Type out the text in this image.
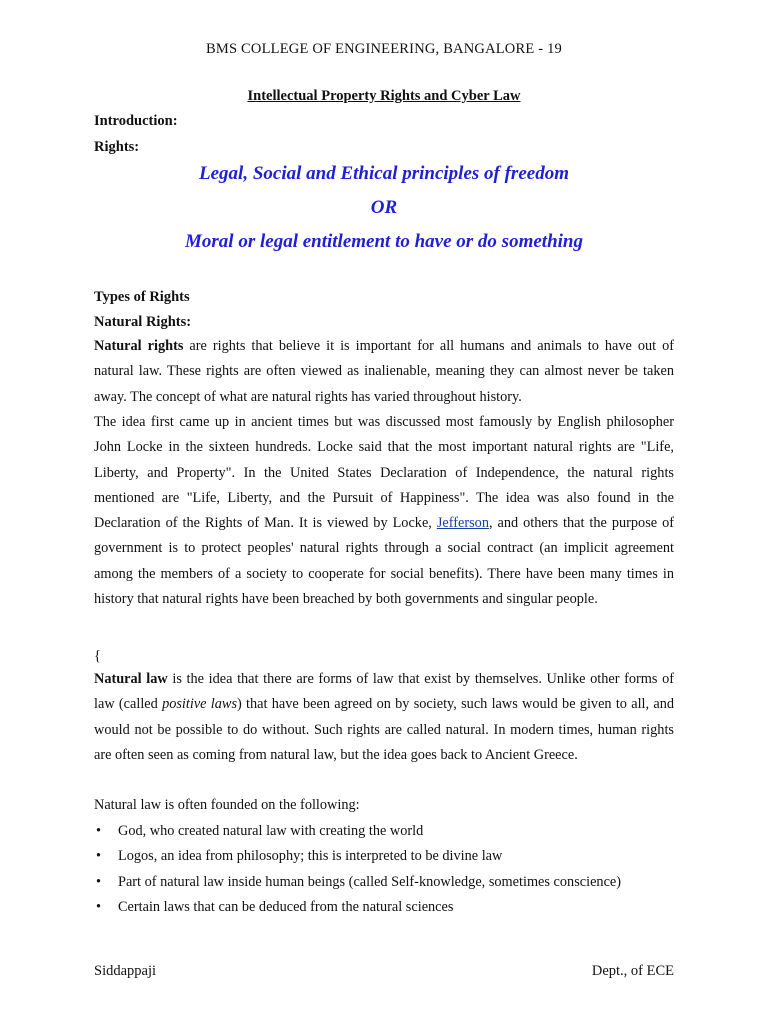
BMS COLLEGE OF ENGINEERING, BANGALORE - 19
Intellectual Property Rights and Cyber Law
Introduction:
Rights:
Legal, Social and Ethical principles of freedom
OR
Moral or legal entitlement to have or do something
Types of Rights
Natural Rights:
Natural rights are rights that believe it is important for all humans and animals to have out of natural law. These rights are often viewed as inalienable, meaning they can almost never be taken away. The concept of what are natural rights has varied throughout history.
The idea first came up in ancient times but was discussed most famously by English philosopher John Locke in the sixteen hundreds. Locke said that the most important natural rights are "Life, Liberty, and Property". In the United States Declaration of Independence, the natural rights mentioned are "Life, Liberty, and the Pursuit of Happiness". The idea was also found in the Declaration of the Rights of Man. It is viewed by Locke, Jefferson, and others that the purpose of government is to protect peoples' natural rights through a social contract (an implicit agreement among the members of a society to cooperate for social benefits). There have been many times in history that natural rights have been breached by both governments and singular people.
{
Natural law is the idea that there are forms of law that exist by themselves. Unlike other forms of law (called positive laws) that have been agreed on by society, such laws would be given to all, and would not be possible to do without. Such rights are called natural. In modern times, human rights are often seen as coming from natural law, but the idea goes back to Ancient Greece.
Natural law is often founded on the following:
• God, who created natural law with creating the world
• Logos, an idea from philosophy; this is interpreted to be divine law
• Part of natural law inside human beings (called Self-knowledge, sometimes conscience)
• Certain laws that can be deduced from the natural sciences
Siddappaji	Dept., of ECE
